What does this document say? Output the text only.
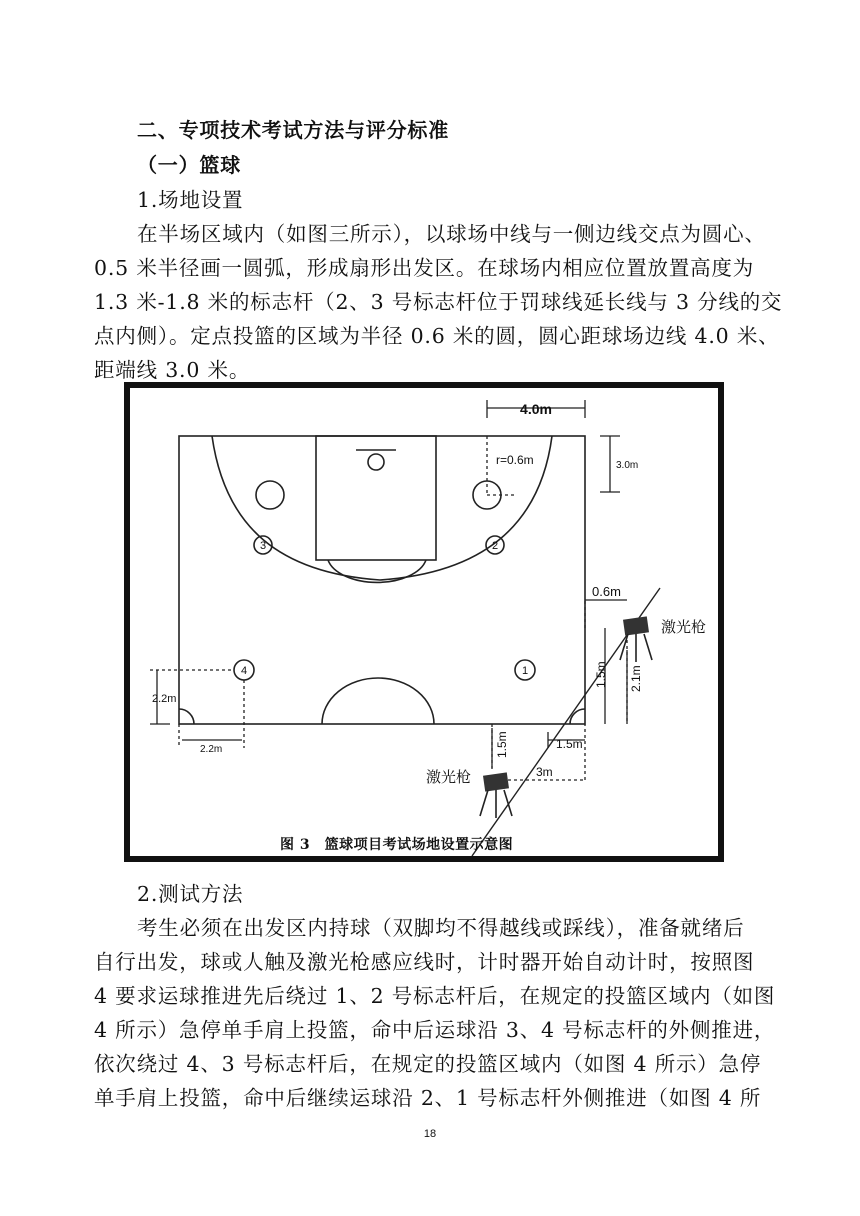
二、专项技术考试方法与评分标准
（一）篮球
1.场地设置
在半场区域内（如图三所示），以球场中线与一侧边线交点为圆心、
0.5 米半径画一圆弧，形成扇形出发区。在球场内相应位置放置高度为
1.3 米-1.8 米的标志杆（2、3 号标志杆位于罚球线延长线与 3 分线的交
点内侧）。定点投篮的区域为半径 0.6 米的圆，圆心距球场边线 4.0 米、
距端线 3.0 米。
4.0m
r=0.6m	3.0m
0.6m
激光枪
1.5m 2.1m
1.5m
1.5m
激光枪	3m
2.2m
2.2m
1
2
3
4
图 3　篮球项目考试场地设置示意图
2.测试方法
考生必须在出发区内持球（双脚均不得越线或踩线），准备就绪后
自行出发，球或人触及激光枪感应线时，计时器开始自动计时，按照图
4 要求运球推进先后绕过 1、2 号标志杆后，在规定的投篮区域内（如图
4 所示）急停单手肩上投篮，命中后运球沿 3、4 号标志杆的外侧推进，
依次绕过 4、3 号标志杆后，在规定的投篮区域内（如图 4 所示）急停
单手肩上投篮，命中后继续运球沿 2、1 号标志杆外侧推进（如图 4 所
18
